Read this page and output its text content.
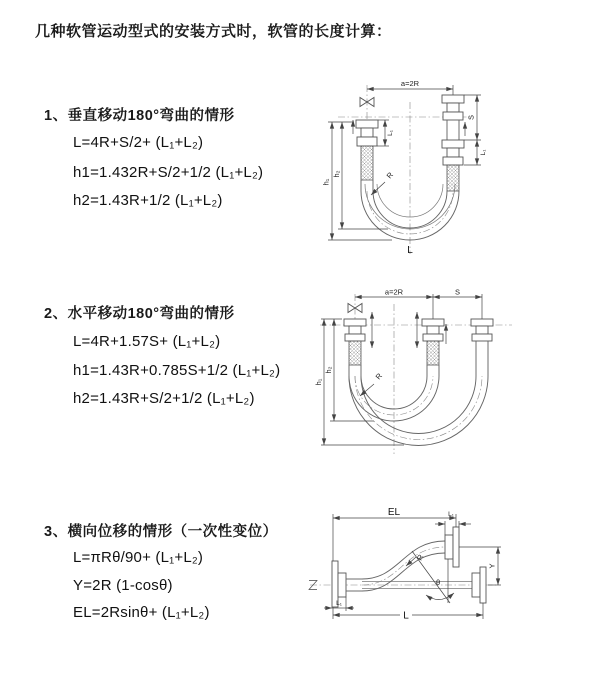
几种软管运动型式的安装方式时，软管的长度计算：
1、垂直移动180°弯曲的情形
L=4R+S/2+ (L₁+L₂)
h1=1.432R+S/2+1/2 (L₁+L₂)
h2=1.43R+1/2 (L₁+L₂)
2、水平移动180°弯曲的情形
L=4R+1.57S+ (L₁+L₂)
h1=1.43R+0.785S+1/2 (L₁+L₂)
h2=1.43R+S/2+1/2 (L₁+L₂)
3、横向位移的情形（一次性变位）
L=πRθ/90+ (L₁+L₂)
Y=2R (1-cosθ)
EL=2Rsinθ+ (L₁+L₂)
a=2R
R
h₁
h₂
L₁
S
L₁
L
a=2R	S
h₁
h₂
R
θ
R
EL	L₁
Y
L
L₁
